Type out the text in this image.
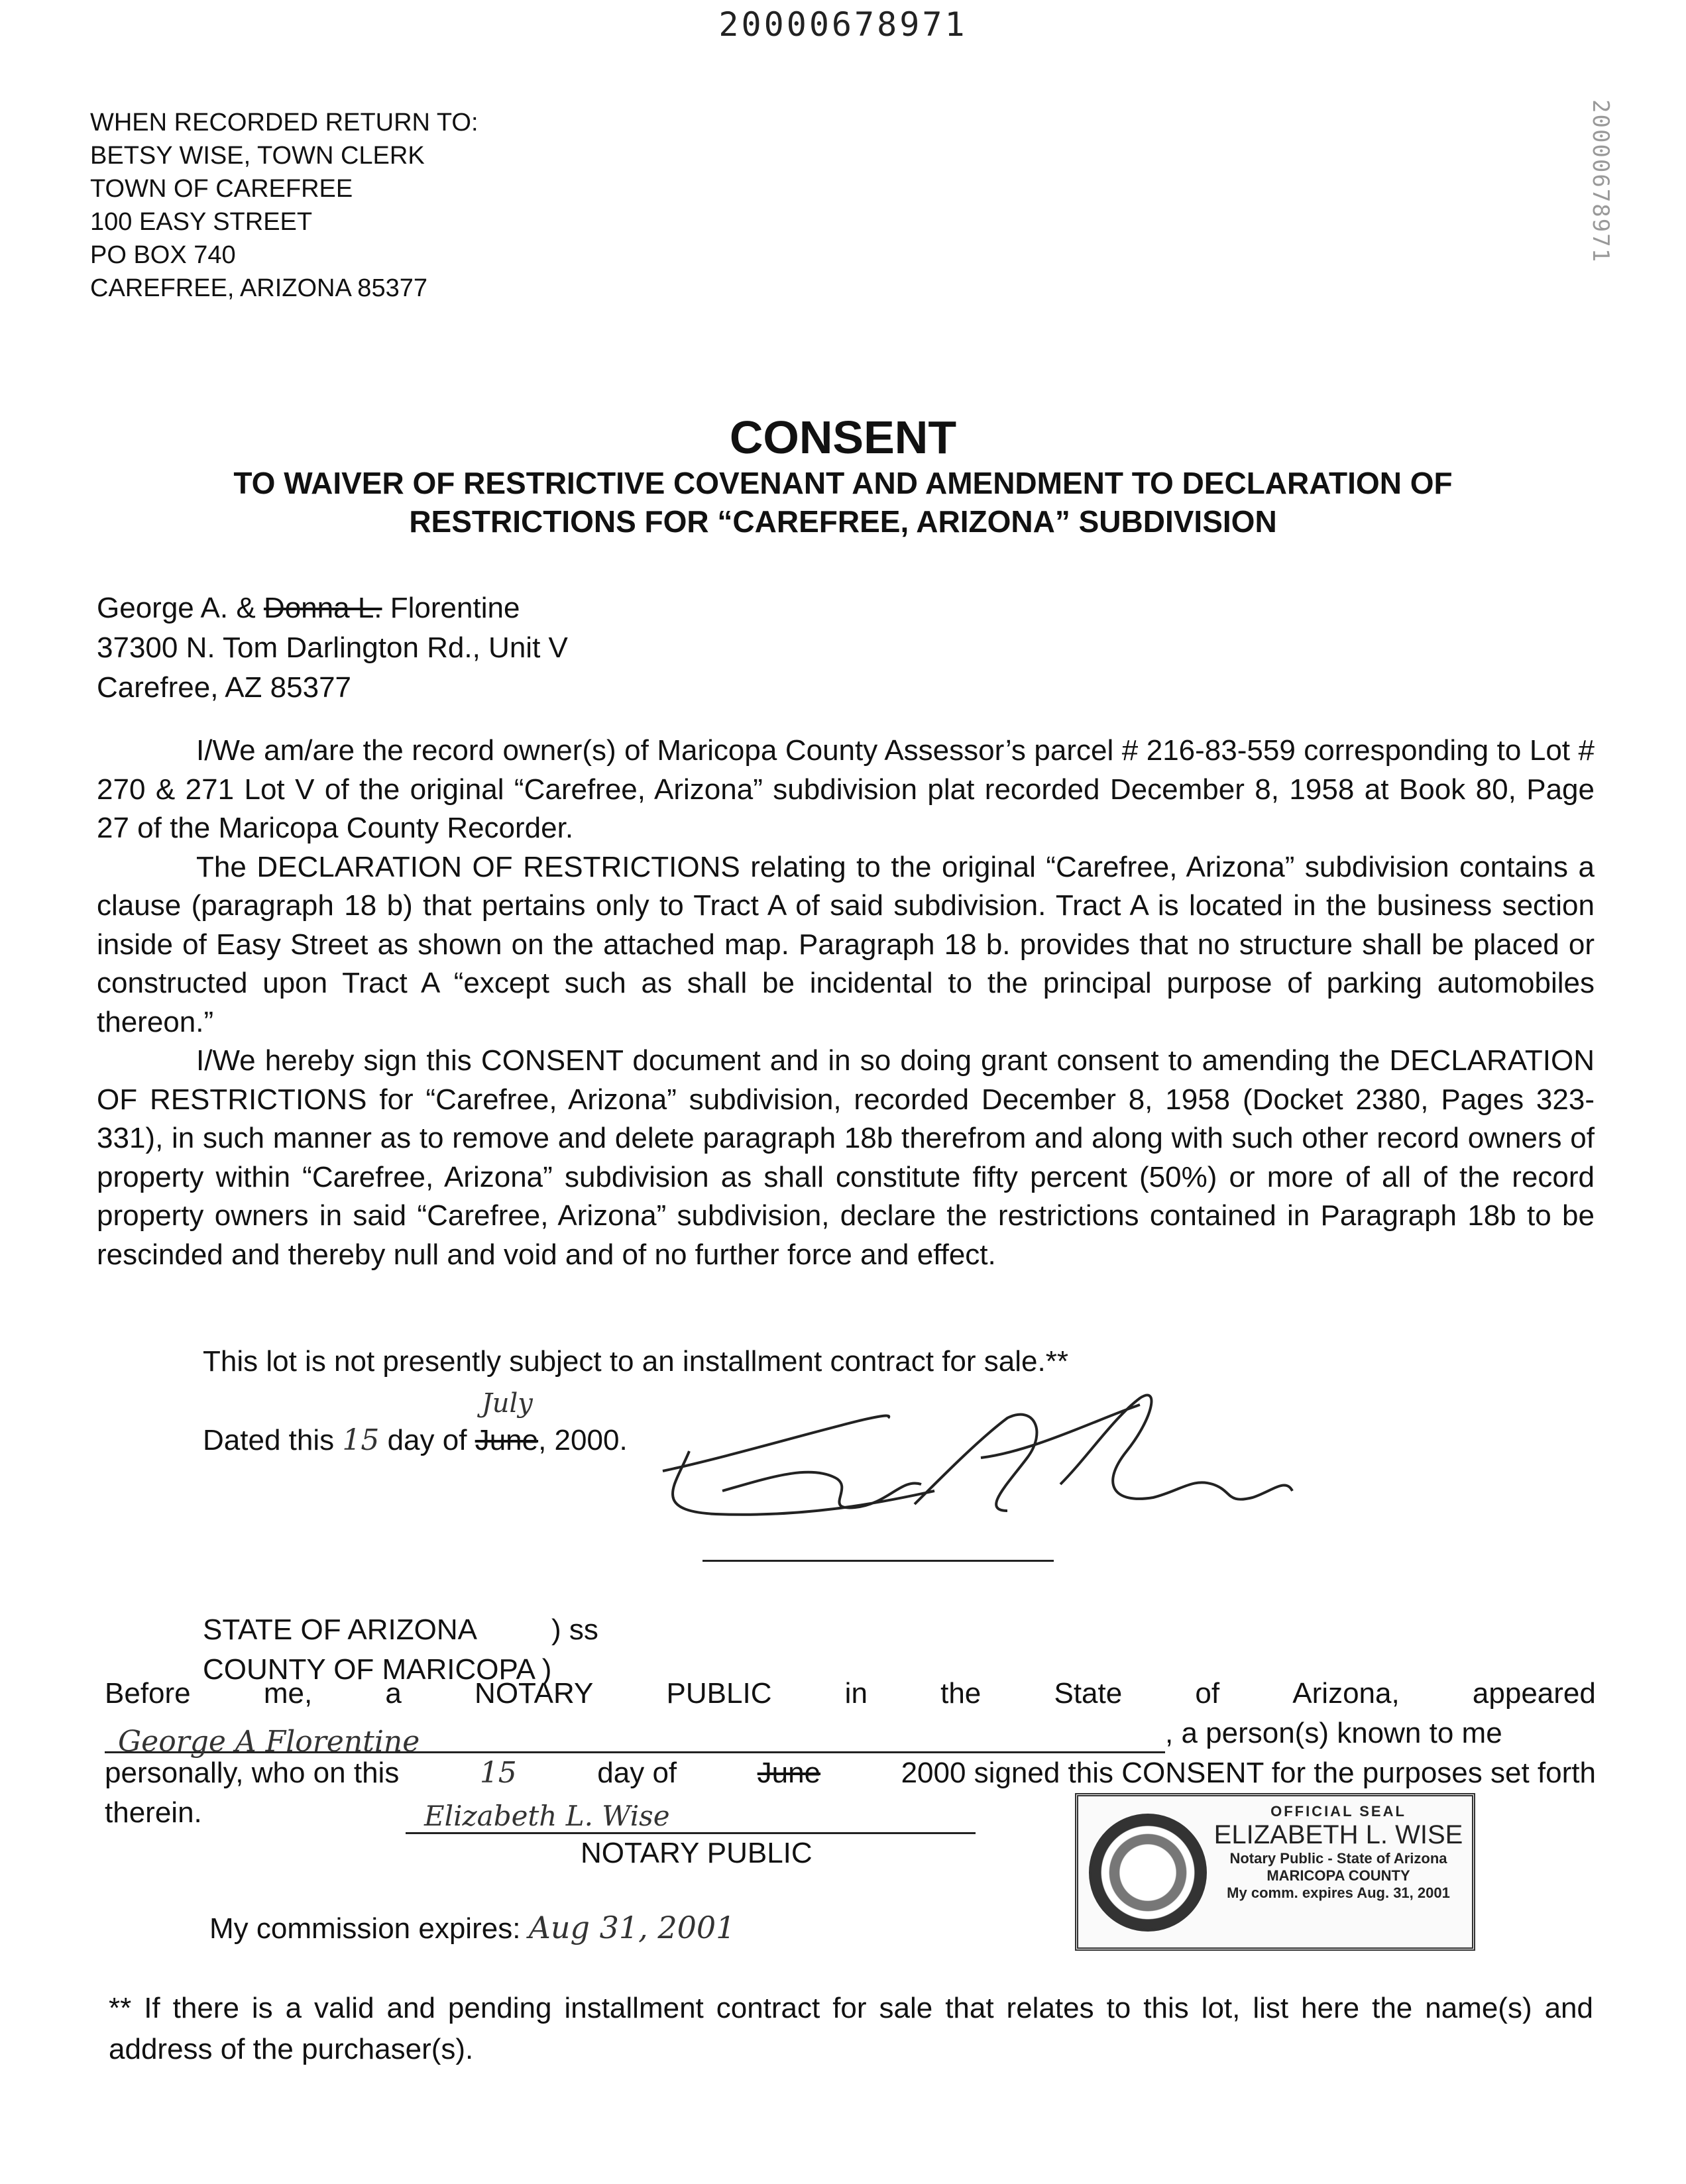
20000678971
20000678971
WHEN RECORDED RETURN TO:
BETSY WISE, TOWN CLERK
TOWN OF CAREFREE
100 EASY STREET
PO BOX 740
CAREFREE, ARIZONA 85377
CONSENT
TO WAIVER OF RESTRICTIVE COVENANT AND AMENDMENT TO DECLARATION OF
RESTRICTIONS FOR “CAREFREE, ARIZONA” SUBDIVISION
George A. & Donna L. Florentine
37300 N. Tom Darlington Rd., Unit V
Carefree, AZ 85377

I/We am/are the record owner(s) of Maricopa County Assessor’s parcel # 216-83-559 corresponding to Lot # 270 & 271 Lot V of the original “Carefree, Arizona” subdivision plat recorded December 8, 1958 at Book 80, Page 27 of the Maricopa County Recorder.

The DECLARATION OF RESTRICTIONS relating to the original “Carefree, Arizona” subdivision contains a clause (paragraph 18 b) that pertains only to Tract A of said subdivision. Tract A is located in the business section inside of Easy Street as shown on the attached map. Paragraph 18 b. provides that no structure shall be placed or constructed upon Tract A “except such as shall be incidental to the principal purpose of parking automobiles thereon.”

I/We hereby sign this CONSENT document and in so doing grant consent to amending the DECLARATION OF RESTRICTIONS for “Carefree, Arizona” subdivision, recorded December 8, 1958 (Docket 2380, Pages 323-331), in such manner as to remove and delete paragraph 18b therefrom and along with such other record owners of property within “Carefree, Arizona” subdivision as shall constitute fifty percent (50%) or more of all of the record property owners in said “Carefree, Arizona” subdivision, declare the restrictions contained in Paragraph 18b to be rescinded and thereby null and void and of no further force and effect.

This lot is not presently subject to an installment contract for sale.**
Dated this 15 day of June
July
, 2000.
STATE OF ARIZONA	) ss
COUNTY OF MARICOPA )
Before	me,	a	NOTARY	PUBLIC	in	the	State	of	Arizona,	appeared
George A Florentine	, a person(s) known to me
personally, who on this	15	day of	June	2000 signed this CONSENT for the purposes set forth
therein.	Elizabeth L. Wise
NOTARY PUBLIC
My commission expires: Aug 31, 2001
OFFICIAL SEAL
ELIZABETH L. WISE
Notary Public - State of Arizona
MARICOPA COUNTY
My comm. expires Aug. 31, 2001
** If there is a valid and pending installment contract for sale that relates to this lot, list here the name(s) and address of the purchaser(s).
